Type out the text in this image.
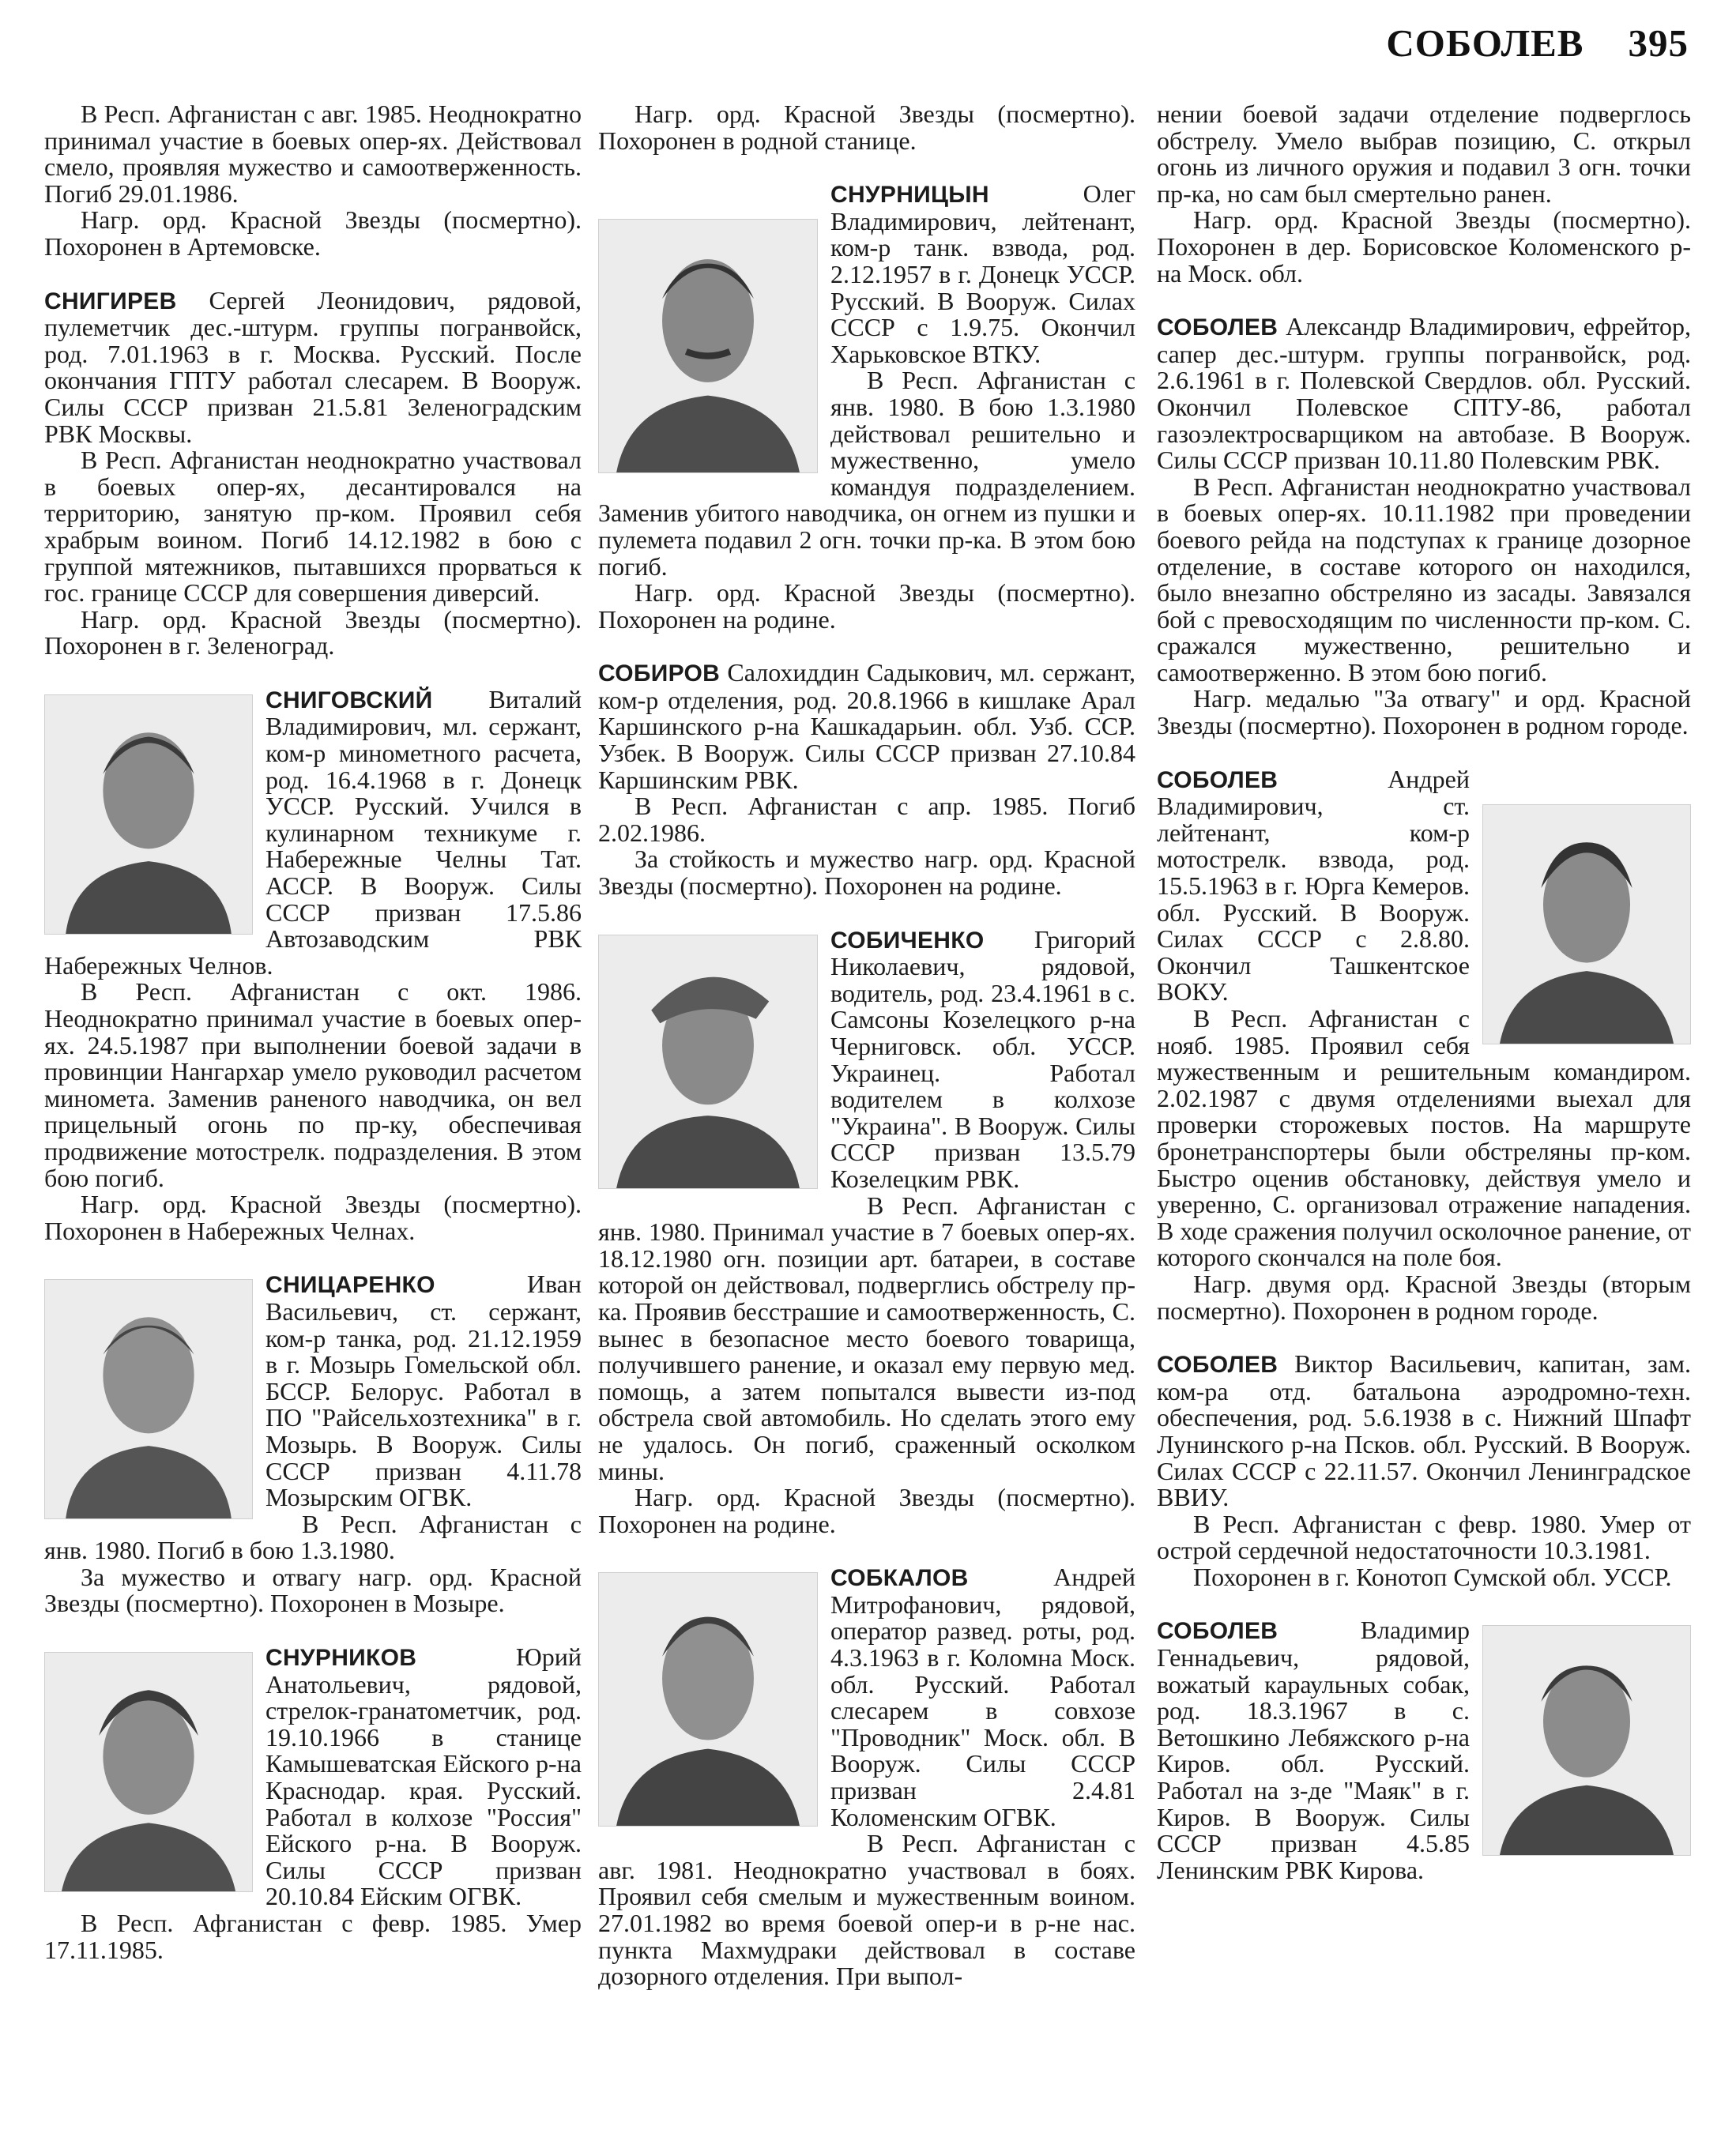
СОБОЛЕВ 395

В Респ. Афганистан с авг. 1985. Неоднократно принимал участие в боевых опер-ях. Действовал смело, проявляя мужество и самоотверженность. Погиб 29.01.1986.

Нагр. орд. Красной Звезды (посмертно). Похоронен в Артемовске.

СНИГИРЕВ Сергей Леонидович, рядовой, пулеметчик дес.-штурм. группы погранвойск, род. 7.01.1963 в г. Москва. Русский. После окончания ГПТУ работал слесарем. В Вооруж. Силы СССР призван 21.5.81 Зеленоградским РВК Москвы.

В Респ. Афганистан неоднократно участвовал в боевых опер-ях, десантировался на территорию, занятую пр-ком. Проявил себя храбрым воином. Погиб 14.12.1982 в бою с группой мятежников, пытавшихся прорваться к гос. границе СССР для совершения диверсий.

Нагр. орд. Красной Звезды (посмертно). Похоронен в г. Зеленоград.

СНИГОВСКИЙ Виталий Владимирович, мл. сержант, ком-р минометного расчета, род. 16.4.1968 в г. Донецк УССР. Русский. Учился в кулинарном техникуме г. Набережные Челны Тат. АССР. В Вооруж. Силы СССР призван 17.5.86 Автозаводским РВК Набережных Челнов.

В Респ. Афганистан с окт. 1986. Неоднократно принимал участие в боевых опер-ях. 24.5.1987 при выполнении боевой задачи в провинции Нангархар умело руководил расчетом миномета. Заменив раненого наводчика, он вел прицельный огонь по пр-ку, обеспечивая продвижение мотострелк. подразделения. В этом бою погиб.

Нагр. орд. Красной Звезды (посмертно). Похоронен в Набережных Челнах.

СНИЦАРЕНКО Иван Васильевич, ст. сержант, ком-р танка, род. 21.12.1959 в г. Мозырь Гомельской обл. БССР. Белорус. Работал в ПО "Райсельхозтехника" в г. Мозырь. В Вооруж. Силы СССР призван 4.11.78 Мозырским ОГВК.

В Респ. Афганистан с янв. 1980. Погиб в бою 1.3.1980.

За мужество и отвагу нагр. орд. Красной Звезды (посмертно). Похоронен в Мозыре.

СНУРНИКОВ Юрий Анатольевич, рядовой, стрелок-гранатометчик, род. 19.10.1966 в станице Камышеватская Ейского р-на Краснодар. края. Русский. Работал в колхозе "Россия" Ейского р-на. В Вооруж. Силы СССР призван 20.10.84 Ейским ОГВК.

В Респ. Афганистан с февр. 1985. Умер 17.11.1985.

Нагр. орд. Красной Звезды (посмертно). Похоронен в родной станице.

СНУРНИЦЫН Олег Владимирович, лейтенант, ком-р танк. взвода, род. 2.12.1957 в г. Донецк УССР. Русский. В Вооруж. Силах СССР с 1.9.75. Окончил Харьковское ВТКУ.

В Респ. Афганистан с янв. 1980. В бою 1.3.1980 действовал решительно и мужественно, умело командуя подразделением. Заменив убитого наводчика, он огнем из пушки и пулемета подавил 2 огн. точки пр-ка. В этом бою погиб.

Нагр. орд. Красной Звезды (посмертно). Похоронен на родине.

СОБИРОВ Салохиддин Садыкович, мл. сержант, ком-р отделения, род. 20.8.1966 в кишлаке Арал Каршинского р-на Кашкадарьин. обл. Узб. ССР. Узбек. В Вооруж. Силы СССР призван 27.10.84 Каршинским РВК.

В Респ. Афганистан с апр. 1985. Погиб 2.02.1986.

За стойкость и мужество нагр. орд. Красной Звезды (посмертно). Похоронен на родине.

СОБИЧЕНКО Григорий Николаевич, рядовой, водитель, род. 23.4.1961 в с. Самсоны Козелецкого р-на Черниговск. обл. УССР. Украинец. Работал водителем в колхозе "Украина". В Вооруж. Силы СССР призван 13.5.79 Козелецким РВК.

В Респ. Афганистан с янв. 1980. Принимал участие в 7 боевых опер-ях. 18.12.1980 огн. позиции арт. батареи, в составе которой он действовал, подверглись обстрелу пр-ка. Проявив бесстрашие и самоотверженность, С. вынес в безопасное место боевого товарища, получившего ранение, и оказал ему первую мед. помощь, а затем попытался вывести из-под обстрела свой автомобиль. Но сделать этого ему не удалось. Он погиб, сраженный осколком мины.

Нагр. орд. Красной Звезды (посмертно). Похоронен на родине.

СОБКАЛОВ Андрей Митрофанович, рядовой, оператор развед. роты, род. 4.3.1963 в г. Коломна Моск. обл. Русский. Работал слесарем в совхозе "Проводник" Моск. обл. В Вооруж. Силы СССР призван 2.4.81 Коломенским ОГВК.

В Респ. Афганистан с авг. 1981. Неоднократно участвовал в боях. Проявил себя смелым и мужественным воином. 27.01.1982 во время боевой опер-и в р-не нас. пункта Махмудраки действовал в составе дозорного отделения. При выпол-

нении боевой задачи отделение подверглось обстрелу. Умело выбрав позицию, С. открыл огонь из личного оружия и подавил 3 огн. точки пр-ка, но сам был смертельно ранен.

Нагр. орд. Красной Звезды (посмертно). Похоронен в дер. Борисовское Коломенского р-на Моск. обл.

СОБОЛЕВ Александр Владимирович, ефрейтор, сапер дес.-штурм. группы погранвойск, род. 2.6.1961 в г. Полевской Свердлов. обл. Русский. Окончил Полевское СПТУ-86, работал газоэлектросварщиком на автобазе. В Вооруж. Силы СССР призван 10.11.80 Полевским РВК.

В Респ. Афганистан неоднократно участвовал в боевых опер-ях. 10.11.1982 при проведении боевого рейда на подступах к границе дозорное отделение, в составе которого он находился, было внезапно обстреляно из засады. Завязался бой с превосходящим по численности пр-ком. С. сражался мужественно, решительно и самоотверженно. В этом бою погиб.

Нагр. медалью "За отвагу" и орд. Красной Звезды (посмертно). Похоронен в родном городе.

СОБОЛЕВ Андрей Владимирович, ст. лейтенант, ком-р мотострелк. взвода, род. 15.5.1963 в г. Юрга Кемеров. обл. Русский. В Вооруж. Силах СССР с 2.8.80. Окончил Ташкентское ВОКУ.

В Респ. Афганистан с нояб. 1985. Проявил себя мужественным и решительным командиром. 2.02.1987 с двумя отделениями выехал для проверки сторожевых постов. На маршруте бронетранспортеры были обстреляны пр-ком. Быстро оценив обстановку, действуя умело и уверенно, С. организовал отражение нападения. В ходе сражения получил осколочное ранение, от которого скончался на поле боя.

Нагр. двумя орд. Красной Звезды (вторым посмертно). Похоронен в родном городе.

СОБОЛЕВ Виктор Васильевич, капитан, зам. ком-ра отд. батальона аэродромно-техн. обеспечения, род. 5.6.1938 в с. Нижний Шпафт Лунинского р-на Псков. обл. Русский. В Вооруж. Силах СССР с 22.11.57. Окончил Ленинградское ВВИУ.

В Респ. Афганистан с февр. 1980. Умер от острой сердечной недостаточности 10.3.1981.

Похоронен в г. Конотоп Сумской обл. УССР.

СОБОЛЕВ Владимир Геннадьевич, рядовой, вожатый караульных собак, род. 18.3.1967 в с. Ветошкино Лебяжского р-на Киров. обл. Русский. Работал на з-де "Маяк" в г. Киров. В Вооруж. Силы СССР призван 4.5.85 Ленинским РВК Кирова.
